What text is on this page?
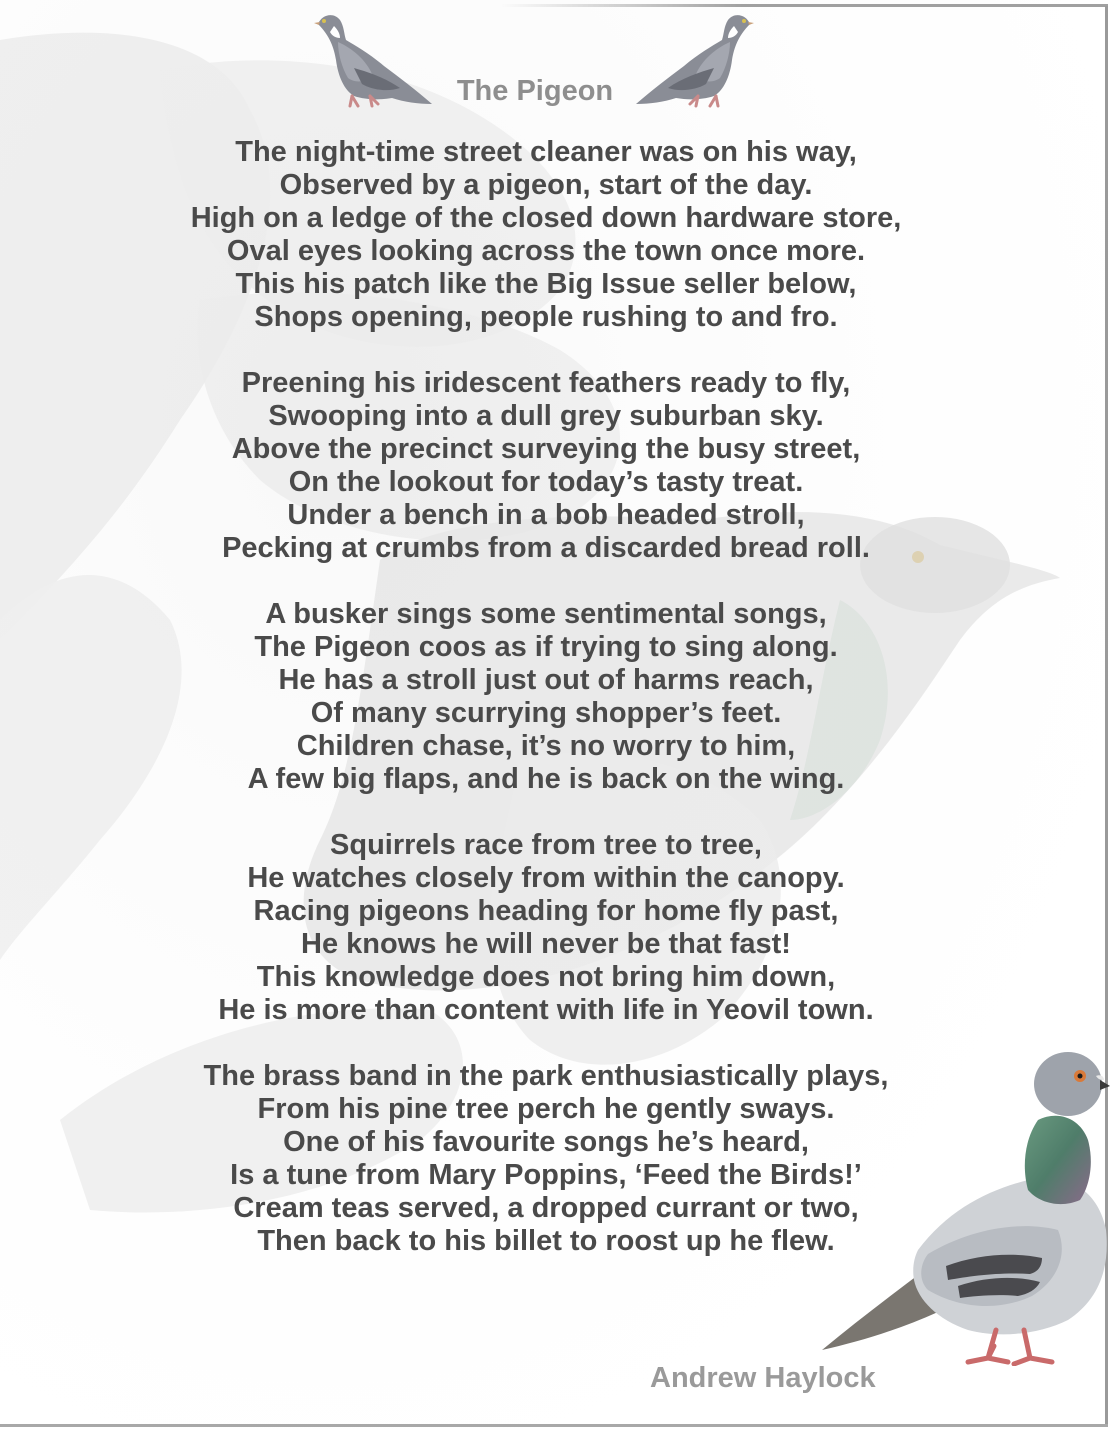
The Pigeon
The night-time street cleaner was on his way,
Observed by a pigeon, start of the day.
High on a ledge of the closed down hardware store,
Oval eyes looking across the town once more.
This his patch like the Big Issue seller below,
Shops opening, people rushing to and fro.
Preening his iridescent feathers ready to fly,
Swooping into a dull grey suburban sky.
Above the precinct surveying the busy street,
On the lookout for today’s tasty treat.
Under a bench in a bob headed stroll,
Pecking at crumbs from a discarded bread roll.
A busker sings some sentimental songs,
The Pigeon coos as if trying to sing along.
He has a stroll just out of harms reach,
Of many scurrying shopper’s feet.
Children chase, it’s no worry to him,
A few big flaps, and he is back on the wing.
Squirrels race from tree to tree,
He watches closely from within the canopy.
Racing pigeons heading for home fly past,
He knows he will never be that fast!
This knowledge does not bring him down,
He is more than content with life in Yeovil town.
The brass band in the park enthusiastically plays,
From his pine tree perch he gently sways.
One of his favourite songs he’s heard,
Is a tune from Mary Poppins, ‘Feed the Birds!’
Cream teas served, a dropped currant or two,
Then back to his billet to roost up he flew.
Andrew Haylock
